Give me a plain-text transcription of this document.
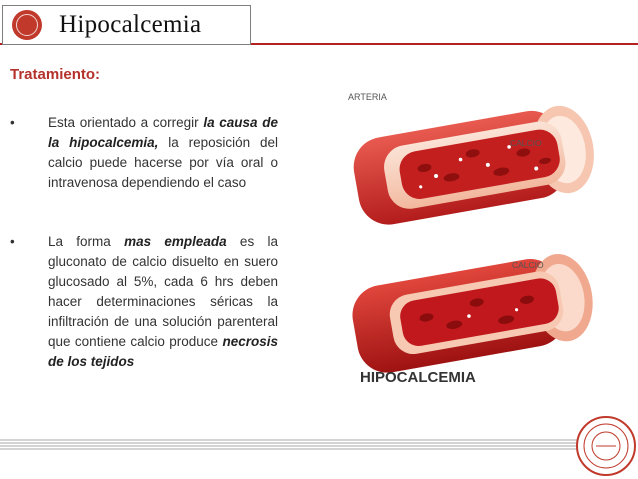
Hipocalcemia
Tratamiento:
•	Esta orientado a corregir la causa de la hipocalcemia, la reposición del calcio puede hacerse por vía oral o intravenosa dependiendo el caso
•	La forma mas empleada es la gluconato de calcio disuelto en suero glucosado al 5%, cada 6 hrs deben hacer determinaciones séricas la infiltración de una solución parenteral que contiene calcio produce necrosis de los tejidos
ARTERIA
CALCIO
CALCIO
HIPOCALCEMIA
